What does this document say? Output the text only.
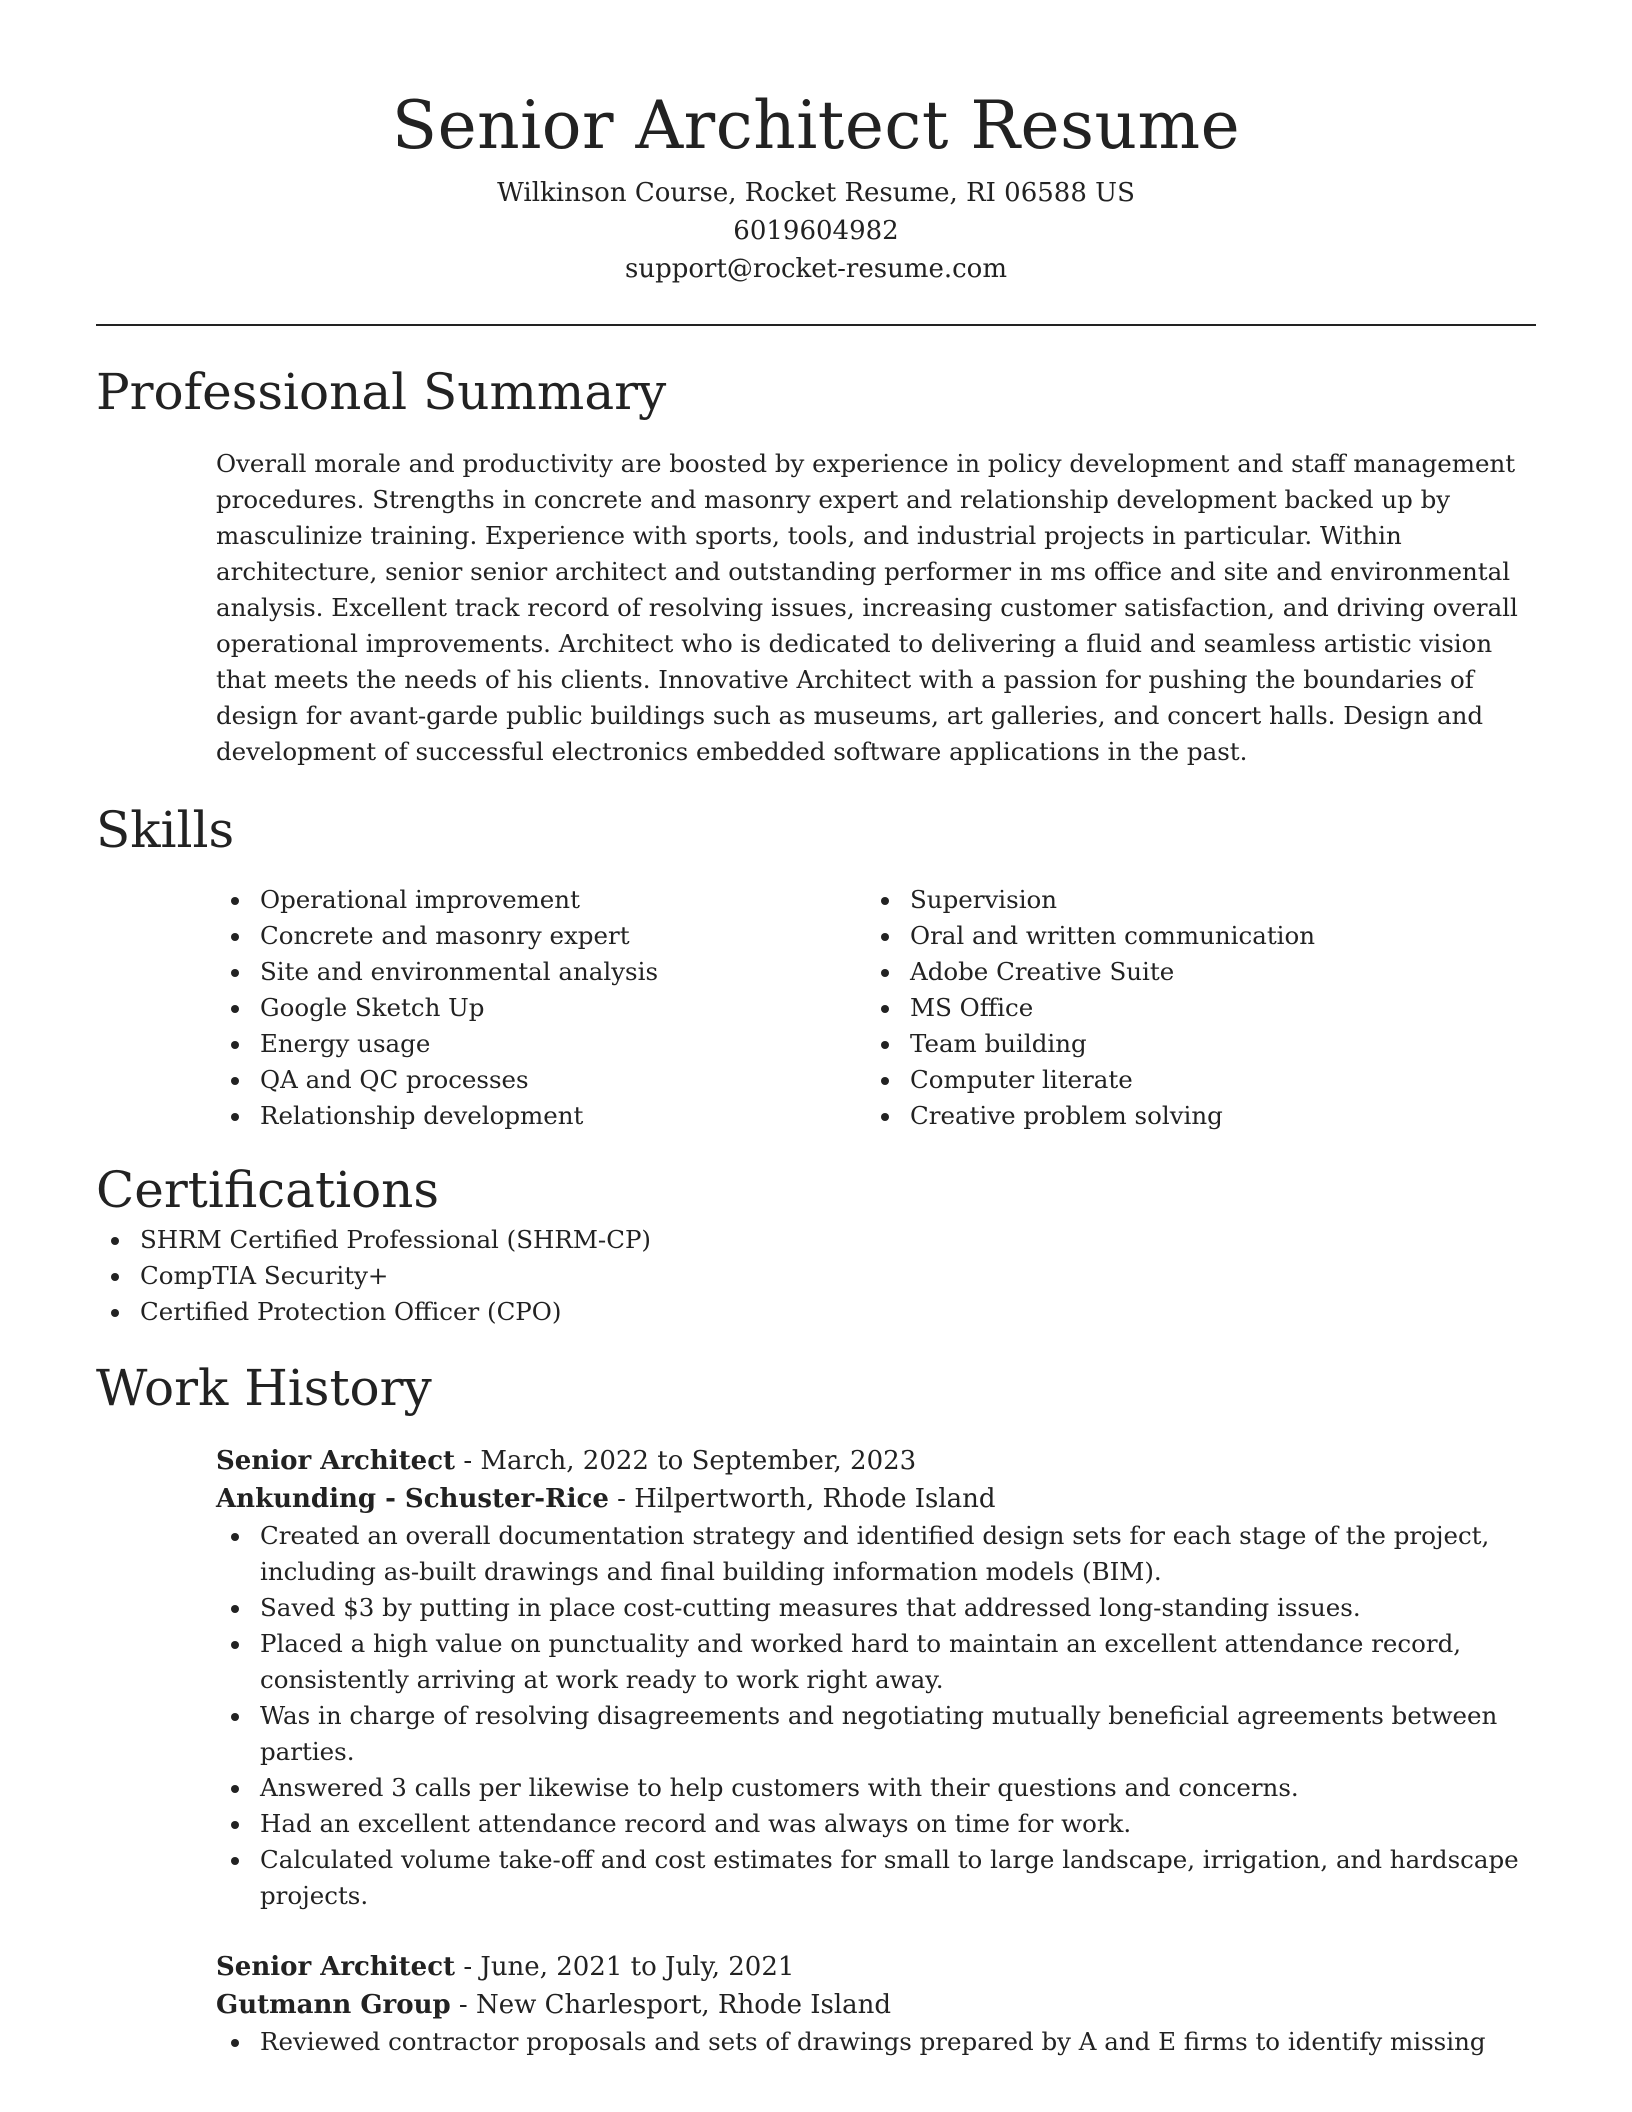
Senior Architect Resume
Wilkinson Course, Rocket Resume, RI 06588 US
6019604982
support@rocket-resume.com
Professional Summary

Overall morale and productivity are boosted by experience in policy development and staff management procedures. Strengths in concrete and masonry expert and relationship development backed up by masculinize training. Experience with sports, tools, and industrial projects in particular. Within architecture, senior senior architect and outstanding performer in ms office and site and environmental analysis. Excellent track record of resolving issues, increasing customer satisfaction, and driving overall operational improvements. Architect who is dedicated to delivering a fluid and seamless artistic vision that meets the needs of his clients. Innovative Architect with a passion for pushing the boundaries of design for avant-garde public buildings such as museums, art galleries, and concert halls. Design and development of successful electronics embedded software applications in the past.

Skills
Operational improvement
Concrete and masonry expert
Site and environmental analysis
Google Sketch Up
Energy usage
QA and QC processes
Relationship development
Supervision
Oral and written communication
Adobe Creative Suite
MS Office
Team building
Computer literate
Creative problem solving
Certifications
SHRM Certified Professional (SHRM-CP)
CompTIA Security+
Certified Protection Officer (CPO)
Work History
Senior Architect - March, 2022 to September, 2023
Ankunding - Schuster-Rice - Hilpertworth, Rhode Island
Created an overall documentation strategy and identified design sets for each stage of the project, including as-built drawings and final building information models (BIM).
Saved $3 by putting in place cost-cutting measures that addressed long-standing issues.
Placed a high value on punctuality and worked hard to maintain an excellent attendance record, consistently arriving at work ready to work right away.
Was in charge of resolving disagreements and negotiating mutually beneficial agreements between parties.
Answered 3 calls per likewise to help customers with their questions and concerns.
Had an excellent attendance record and was always on time for work.
Calculated volume take-off and cost estimates for small to large landscape, irrigation, and hardscape projects.
Senior Architect - June, 2021 to July, 2021
Gutmann Group - New Charlesport, Rhode Island
Reviewed contractor proposals and sets of drawings prepared by A and E firms to identify missing
